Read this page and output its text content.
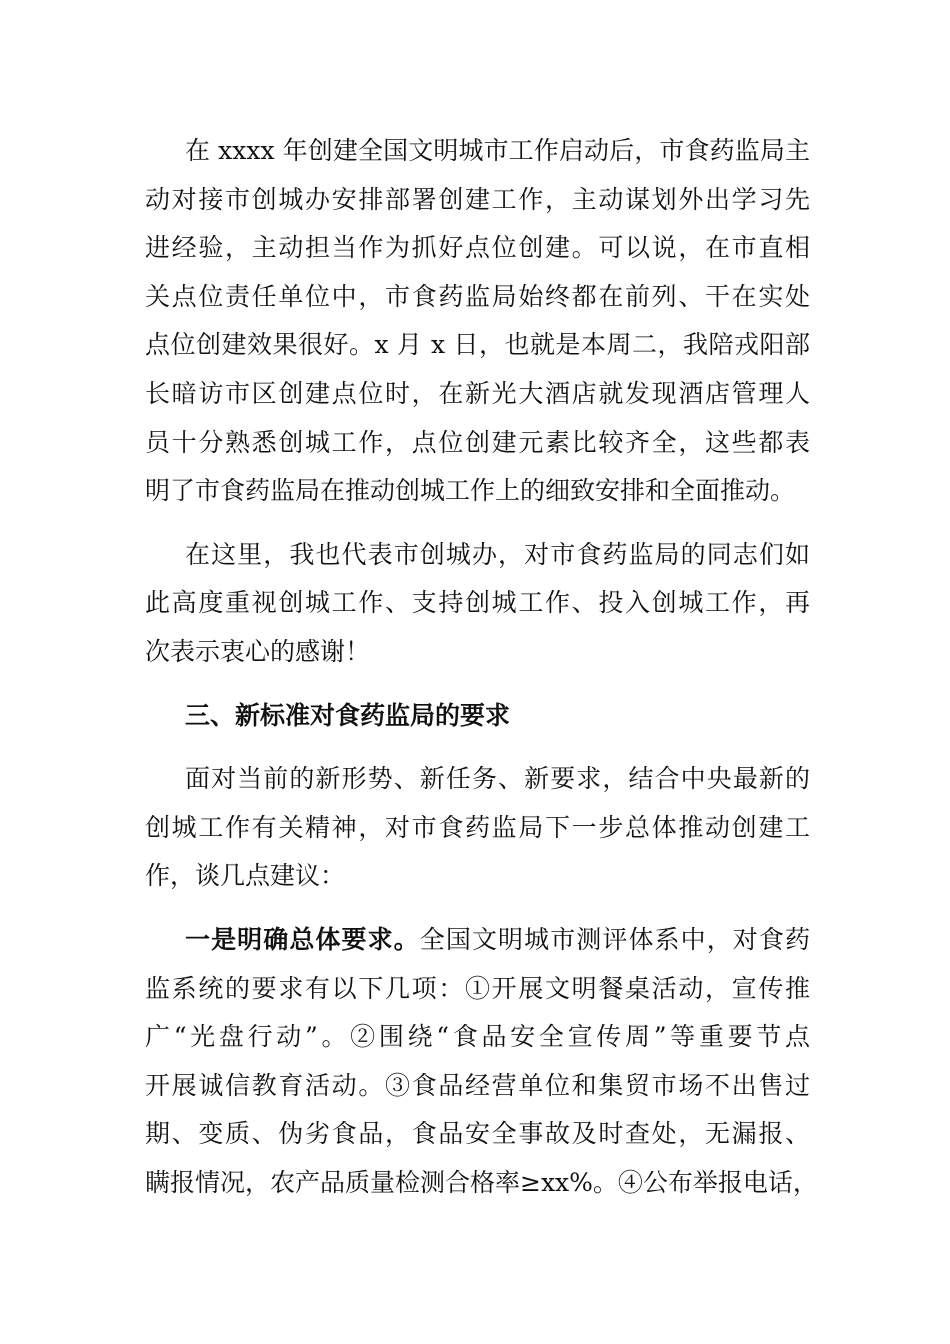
在 xxxx 年创建全国文明城市工作启动后，市食药监局主
动对接市创城办安排部署创建工作，主动谋划外出学习先
进经验，主动担当作为抓好点位创建。可以说，在市直相
关点位责任单位中，市食药监局始终都在前列、干在实处
点位创建效果很好。x 月 x 日，也就是本周二，我陪戎阳部
长暗访市区创建点位时，在新光大酒店就发现酒店管理人
员十分熟悉创城工作，点位创建元素比较齐全，这些都表
明了市食药监局在推动创城工作上的细致安排和全面推动。
在这里，我也代表市创城办，对市食药监局的同志们如
此高度重视创城工作、支持创城工作、投入创城工作，再
次表示衷心的感谢！
三、新标准对食药监局的要求
面对当前的新形势、新任务、新要求，结合中央最新的
创城工作有关精神，对市食药监局下一步总体推动创建工
作，谈几点建议：
一是明确总体要求。全国文明城市测评体系中，对食药
监系统的要求有以下几项：①开展文明餐桌活动，宣传推
广“光盘行动”。②围绕“食品安全宣传周”等重要节点
开展诚信教育活动。③食品经营单位和集贸市场不出售过
期、变质、伪劣食品，食品安全事故及时查处，无漏报、
瞒报情况，农产品质量检测合格率≥xx%。④公布举报电话，
